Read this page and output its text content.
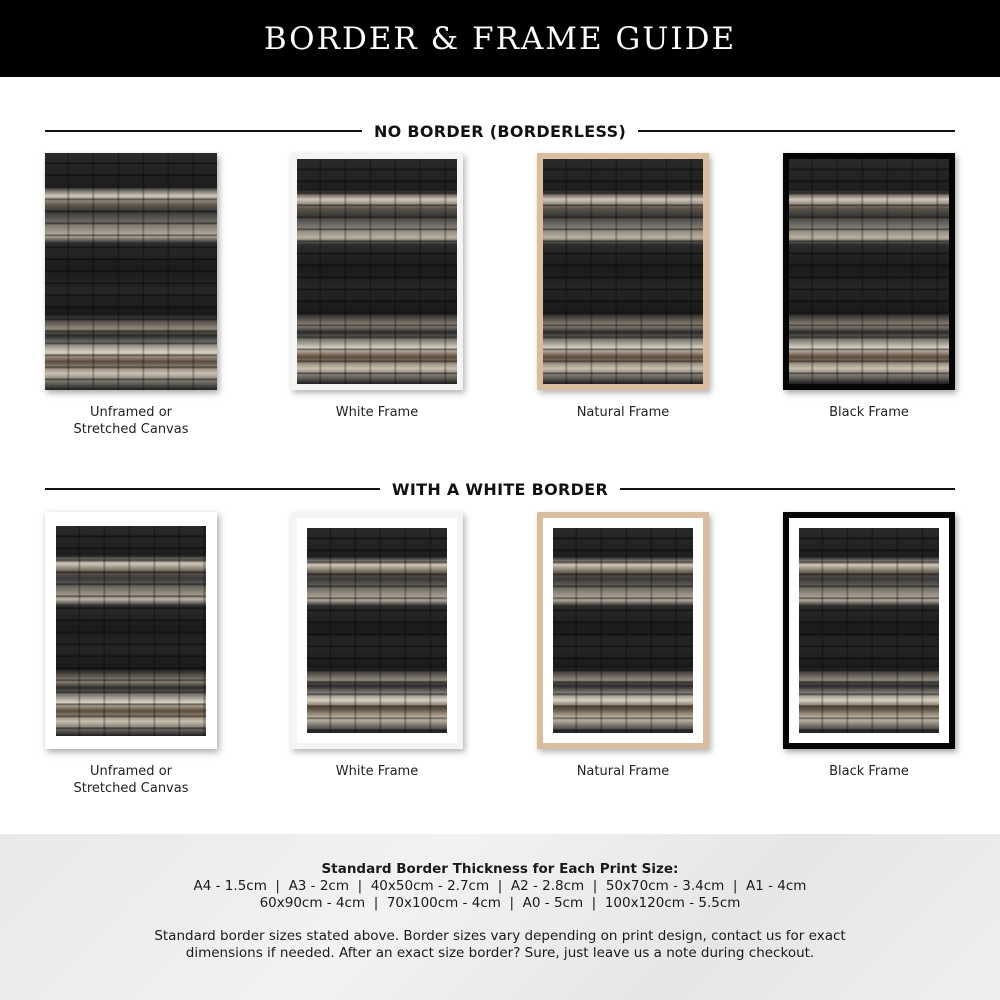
BORDER & FRAME GUIDE
NO BORDER (BORDERLESS)
Unframed or
Stretched Canvas
White Frame	Natural Frame	Black Frame
WITH A WHITE BORDER
Unframed or
Stretched Canvas
White Frame	Natural Frame	Black Frame
Standard Border Thickness for Each Print Size:
A4 - 1.5cm  |  A3 - 2cm  |  40x50cm - 2.7cm  |  A2 - 2.8cm  |  50x70cm - 3.4cm  |  A1 - 4cm
60x90cm - 4cm  |  70x100cm - 4cm  |  A0 - 5cm  |  100x120cm - 5.5cm
Standard border sizes stated above. Border sizes vary depending on print design, contact us for exact dimensions if needed. After an exact size border? Sure, just leave us a note during checkout.
